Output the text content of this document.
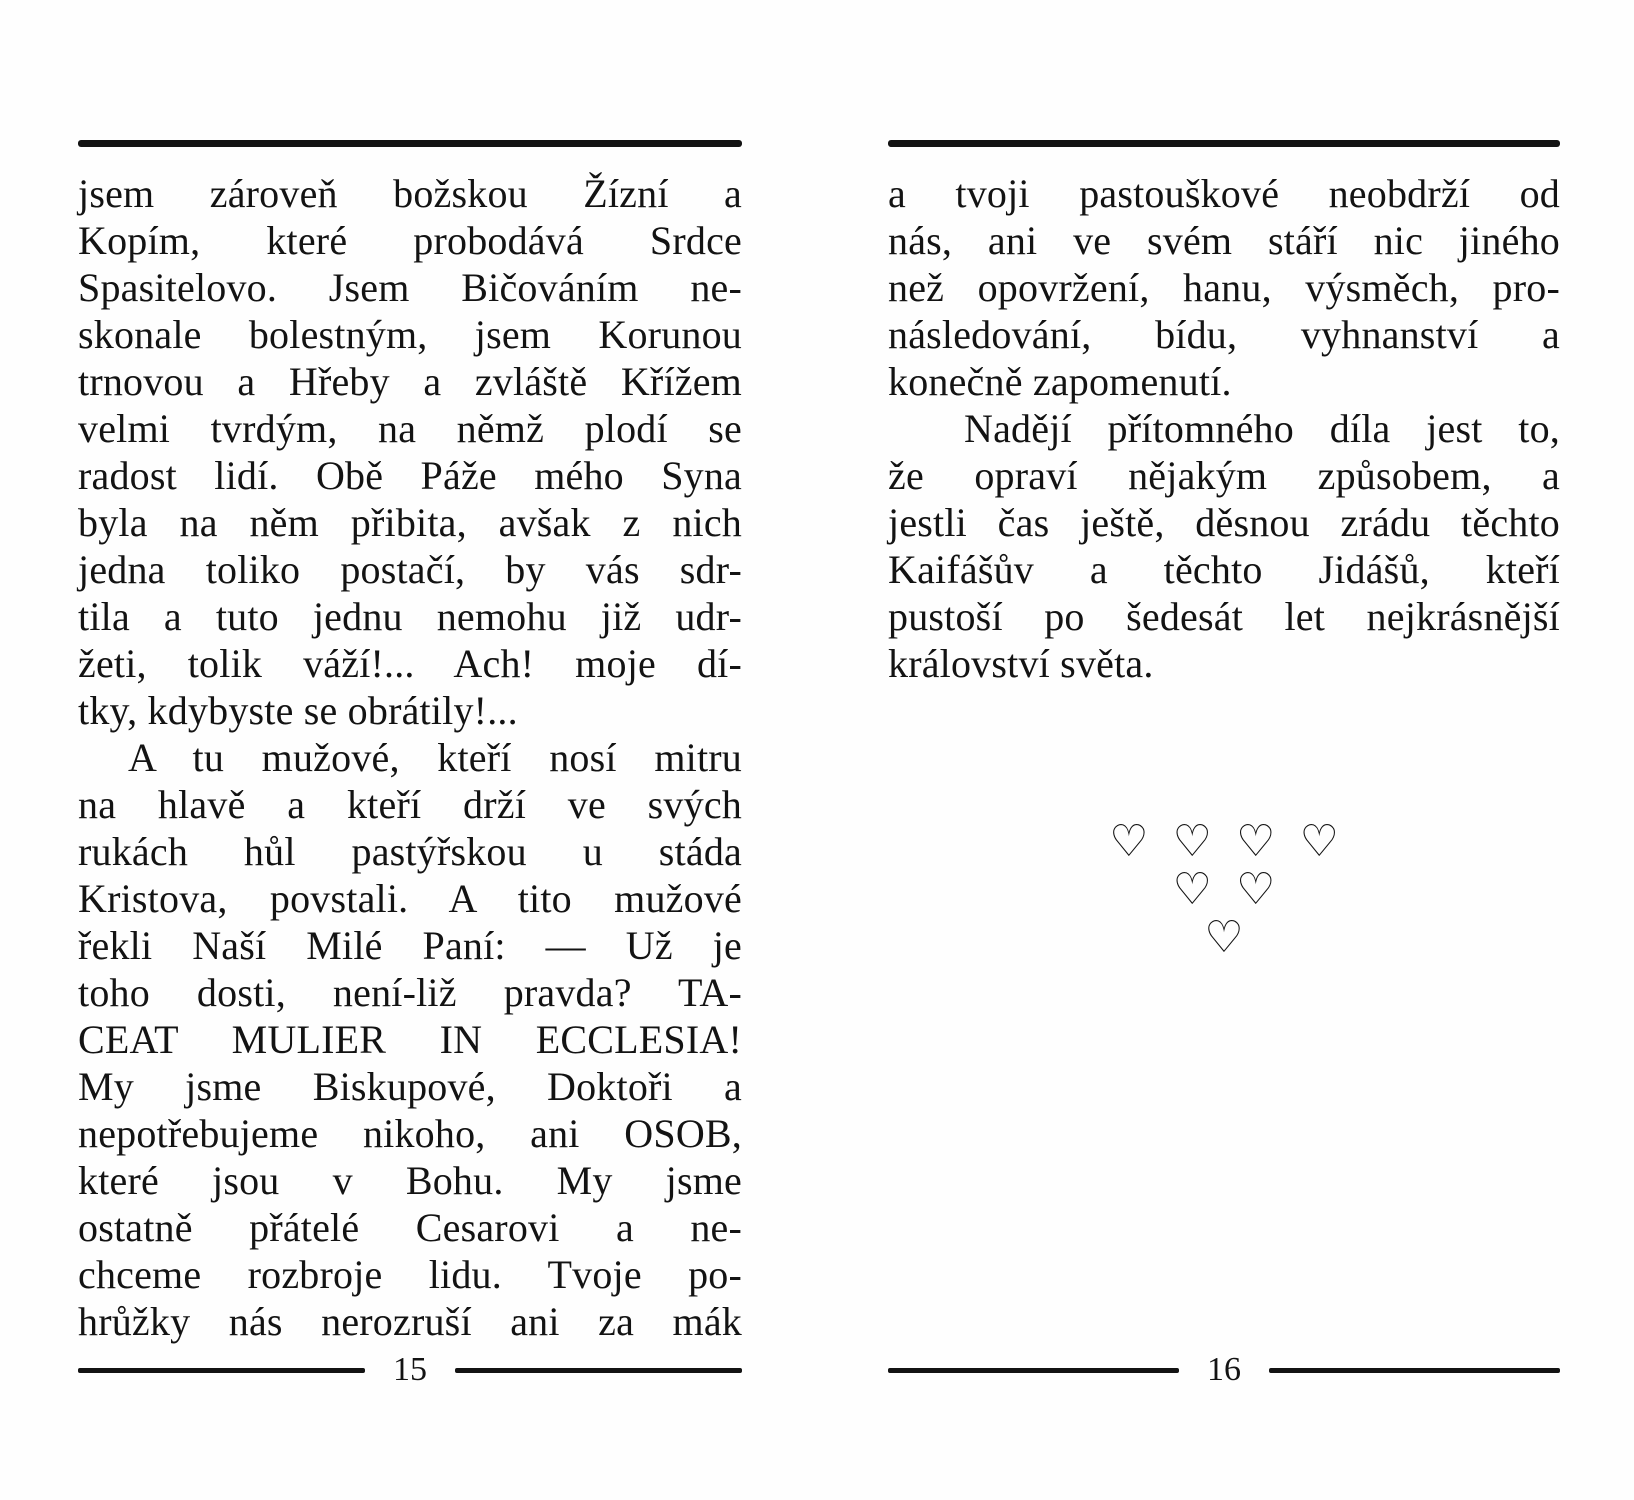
jsem zároveň božskou Žízní a
Kopím, které probodává Srdce
Spasitelovo. Jsem Bičováním ne-
skonale bolestným, jsem Korunou
trnovou a Hřeby a zvláště Křížem
velmi tvrdým, na němž plodí se
radost lidí. Obě Páže mého Syna
byla na něm přibita, avšak z nich
jedna toliko postačí, by vás sdr-
tila a tuto jednu nemohu již udr-
žeti, tolik váží!... Ach! moje dí-
tky, kdybyste se obrátily!...
A tu mužové, kteří nosí mitru
na hlavě a kteří drží ve svých
rukách hůl pastýřskou u stáda
Kristova, povstali. A tito mužové
řekli Naší Milé Paní: — Už je
toho dosti, není-liž pravda? TA-
CEAT MULIER IN ECCLESIA!
My jsme Biskupové, Doktoři a
nepotřebujeme nikoho, ani OSOB,
které jsou v Bohu. My jsme
ostatně přátelé Cesarovi a ne-
chceme rozbroje lidu. Tvoje po-
hrůžky nás nerozruší ani za mák
15
a tvoji pastouškové neobdrží od
nás, ani ve svém stáří nic jiného
než opovržení, hanu, výsměch, pro-
následování, bídu, vyhnanství a
konečně zapomenutí.
Nadějí přítomného díla jest to,
že opraví nějakým způsobem, a
jestli čas ještě, děsnou zrádu těchto
Kaifášův a těchto Jidášů, kteří
pustoší po šedesát let nejkrásnější
království světa.
♡ ♡ ♡ ♡
♡ ♡
♡
16
